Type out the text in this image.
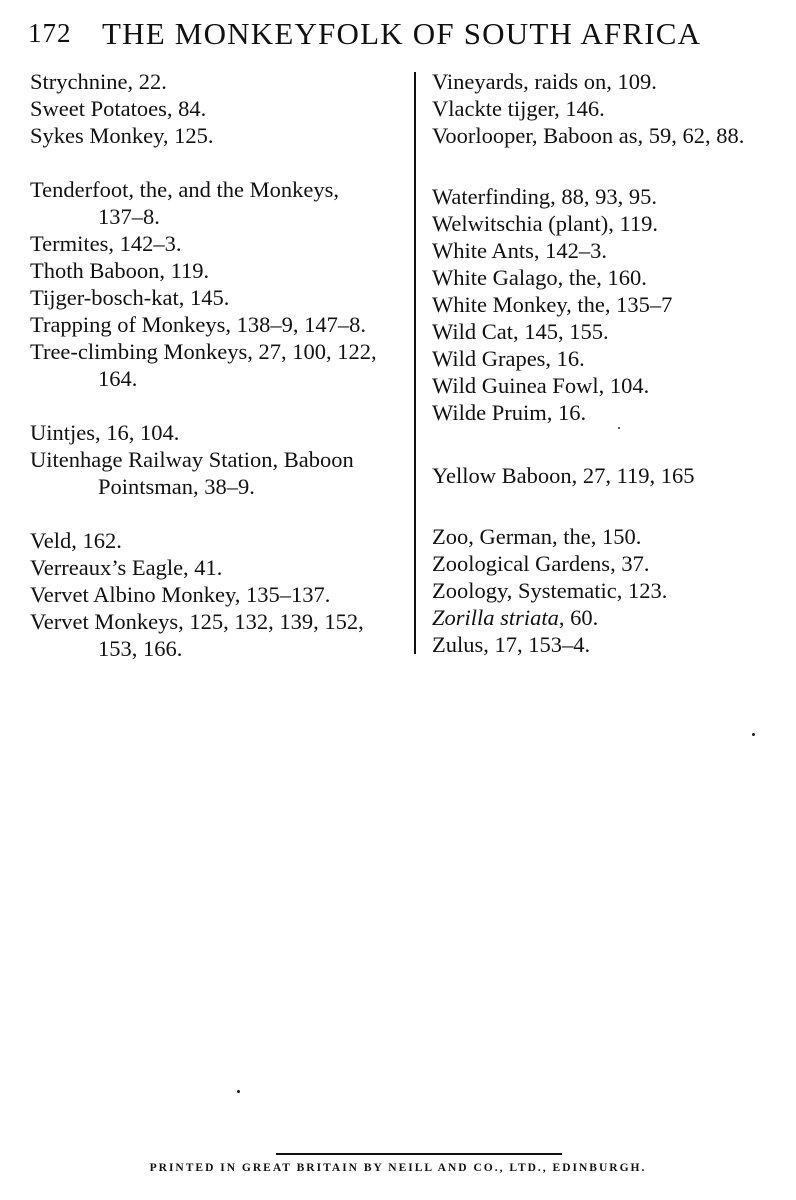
172 THE MONKEYFOLK OF SOUTH AFRICA
Strychnine, 22.
Sweet Potatoes, 84.
Sykes Monkey, 125.
Tenderfoot, the, and the Monkeys,
137–8.
Termites, 142–3.
Thoth Baboon, 119.
Tijger-bosch-kat, 145.
Trapping of Monkeys, 138–9, 147–8.
Tree-climbing Monkeys, 27, 100, 122,
164.
Uintjes, 16, 104.
Uitenhage Railway Station, Baboon
Pointsman, 38–9.
Veld, 162.
Verreaux’s Eagle, 41.
Vervet Albino Monkey, 135–137.
Vervet Monkeys, 125, 132, 139, 152,
153, 166.
Vineyards, raids on, 109.
Vlackte tijger, 146.
Voorlooper, Baboon as, 59, 62, 88.
Waterfinding, 88, 93, 95.
Welwitschia (plant), 119.
White Ants, 142–3.
White Galago, the, 160.
White Monkey, the, 135–7
Wild Cat, 145, 155.
Wild Grapes, 16.
Wild Guinea Fowl, 104.
Wilde Pruim, 16.
Yellow Baboon, 27, 119, 165
Zoo, German, the, 150.
Zoological Gardens, 37.
Zoology, Systematic, 123.
Zorilla striata, 60.
Zulus, 17, 153–4.
PRINTED IN GREAT BRITAIN BY NEILL AND CO., LTD., EDINBURGH.
